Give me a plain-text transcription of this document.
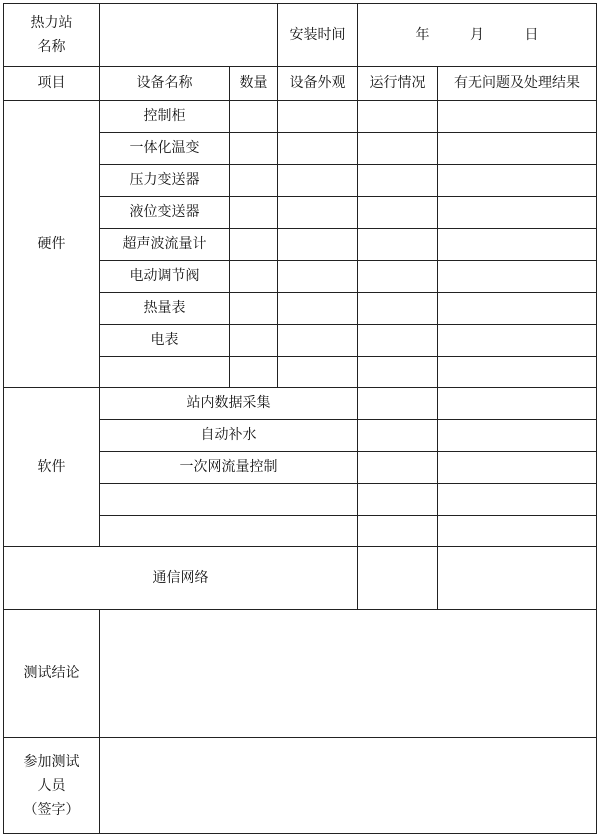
热力站
名称			安装时间	年 月 日	
项目	设备名称	数量	设备外观	运行情况	有无问题及处理结果
硬件	控制柜				
	一体化温变				
	压力变送器				
	液位变送器				
	超声波流量计				
	电动调节阀				
	热量表				
	电表				

软件	站内数据采集				
	自动补水				
	一次网流量控制				

通信网络					
测试结论					

参加测试
人员
（签字）					
